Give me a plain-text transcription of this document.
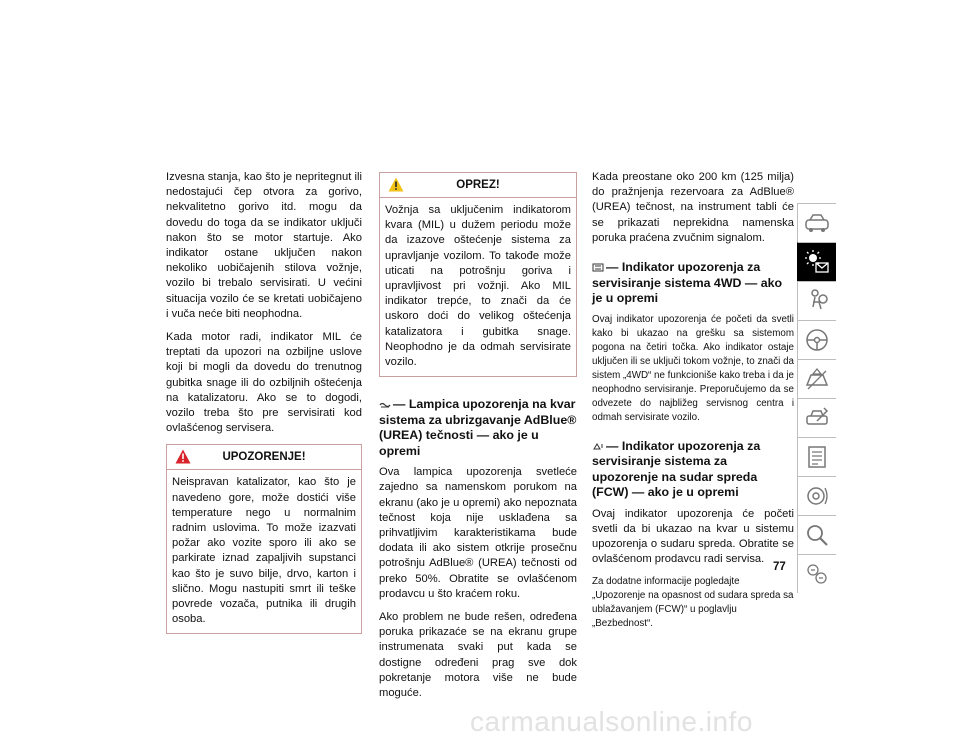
Izvesna stanja, kao što je nepritegnut ili nedostajući čep otvora za gorivo, nekvalitetno gorivo itd. mogu da dovedu do toga da se indikator uključi nakon što se motor startuje. Ako indikator ostane uključen nakon nekoliko uobičajenih stilova vožnje, vozilo bi trebalo servisirati. U većini situacija vozilo će se kretati uobičajeno i vuča neće biti neophodna.

Kada motor radi, indikator MIL će treptati da upozori na ozbiljne uslove koji bi mogli da dovedu do trenutnog gubitka snage ili do ozbiljnih oštećenja na katalizatoru. Ako se to dogodi, vozilo treba što pre servisirati kod ovlašćenog servisera.

UPOZORENJE!
Neispravan katalizator, kao što je navedeno gore, može dostići više temperature nego u normalnim radnim uslovima. To može izazvati požar ako vozite sporo ili ako se parkirate iznad zapaljivih supstanci kao što je suvo bilje, drvo, karton i slično. Mogu nastupiti smrt ili teške povrede vozača, putnika ili drugih osoba.
OPREZ!
Vožnja sa uključenim indikatorom kvara (MIL) u dužem periodu može da izazove oštećenje sistema za upravljanje vozilom. To takođe može uticati na potrošnju goriva i upravljivost pri vožnji. Ako MIL indikator trepće, to znači da će uskoro doći do velikog oštećenja katalizatora i gubitka snage. Neophodno je da odmah servisirate vozilo.
— Lampica upozorenja na kvar sistema za ubrizgavanje AdBlue® (UREA) tečnosti — ako je u opremi

Ova lampica upozorenja svetleće zajedno sa namenskom porukom na ekranu (ako je u opremi) ako nepoznata tečnost koja nije usklađena sa prihvatljivim karakteristikama bude dodata ili ako sistem otkrije prosečnu potrošnju AdBlue® (UREA) tečnosti od preko 50%. Obratite se ovlašćenom prodavcu u što kraćem roku.

Ako problem ne bude rešen, određena poruka prikazaće se na ekranu grupe instrumenata svaki put kada se dostigne određeni prag sve dok pokretanje motora više ne bude moguće.

Kada preostane oko 200 km (125 milja) do pražnjenja rezervoara za AdBlue® (UREA) tečnost, na instrument tabli će se prikazati neprekidna namenska poruka praćena zvučnim signalom.

— Indikator upozorenja za servisiranje sistema 4WD — ako je u opremi

Ovaj indikator upozorenja će početi da svetli kako bi ukazao na grešku sa sistemom pogona na četiri točka. Ako indikator ostaje uključen ili se uključi tokom vožnje, to znači da sistem „4WD“ ne funkcioniše kako treba i da je neophodno servisiranje. Preporučujemo da se odvezete do najbližeg servisnog centra i odmah servisirate vozilo.

— Indikator upozorenja za servisiranje sistema za upozorenje na sudar spreda (FCW) — ako je u opremi

Ovaj indikator upozorenja će početi svetli da bi ukazao na kvar u sistemu upozorenja o sudaru spreda. Obratite se ovlašćenom prodavcu radi servisa.

Za dodatne informacije pogledajte „Upozorenje na opasnost od sudara spreda sa ublažavanjem (FCW)“ u poglavlju „Bezbednost“.

77
carmanualsonline.info
